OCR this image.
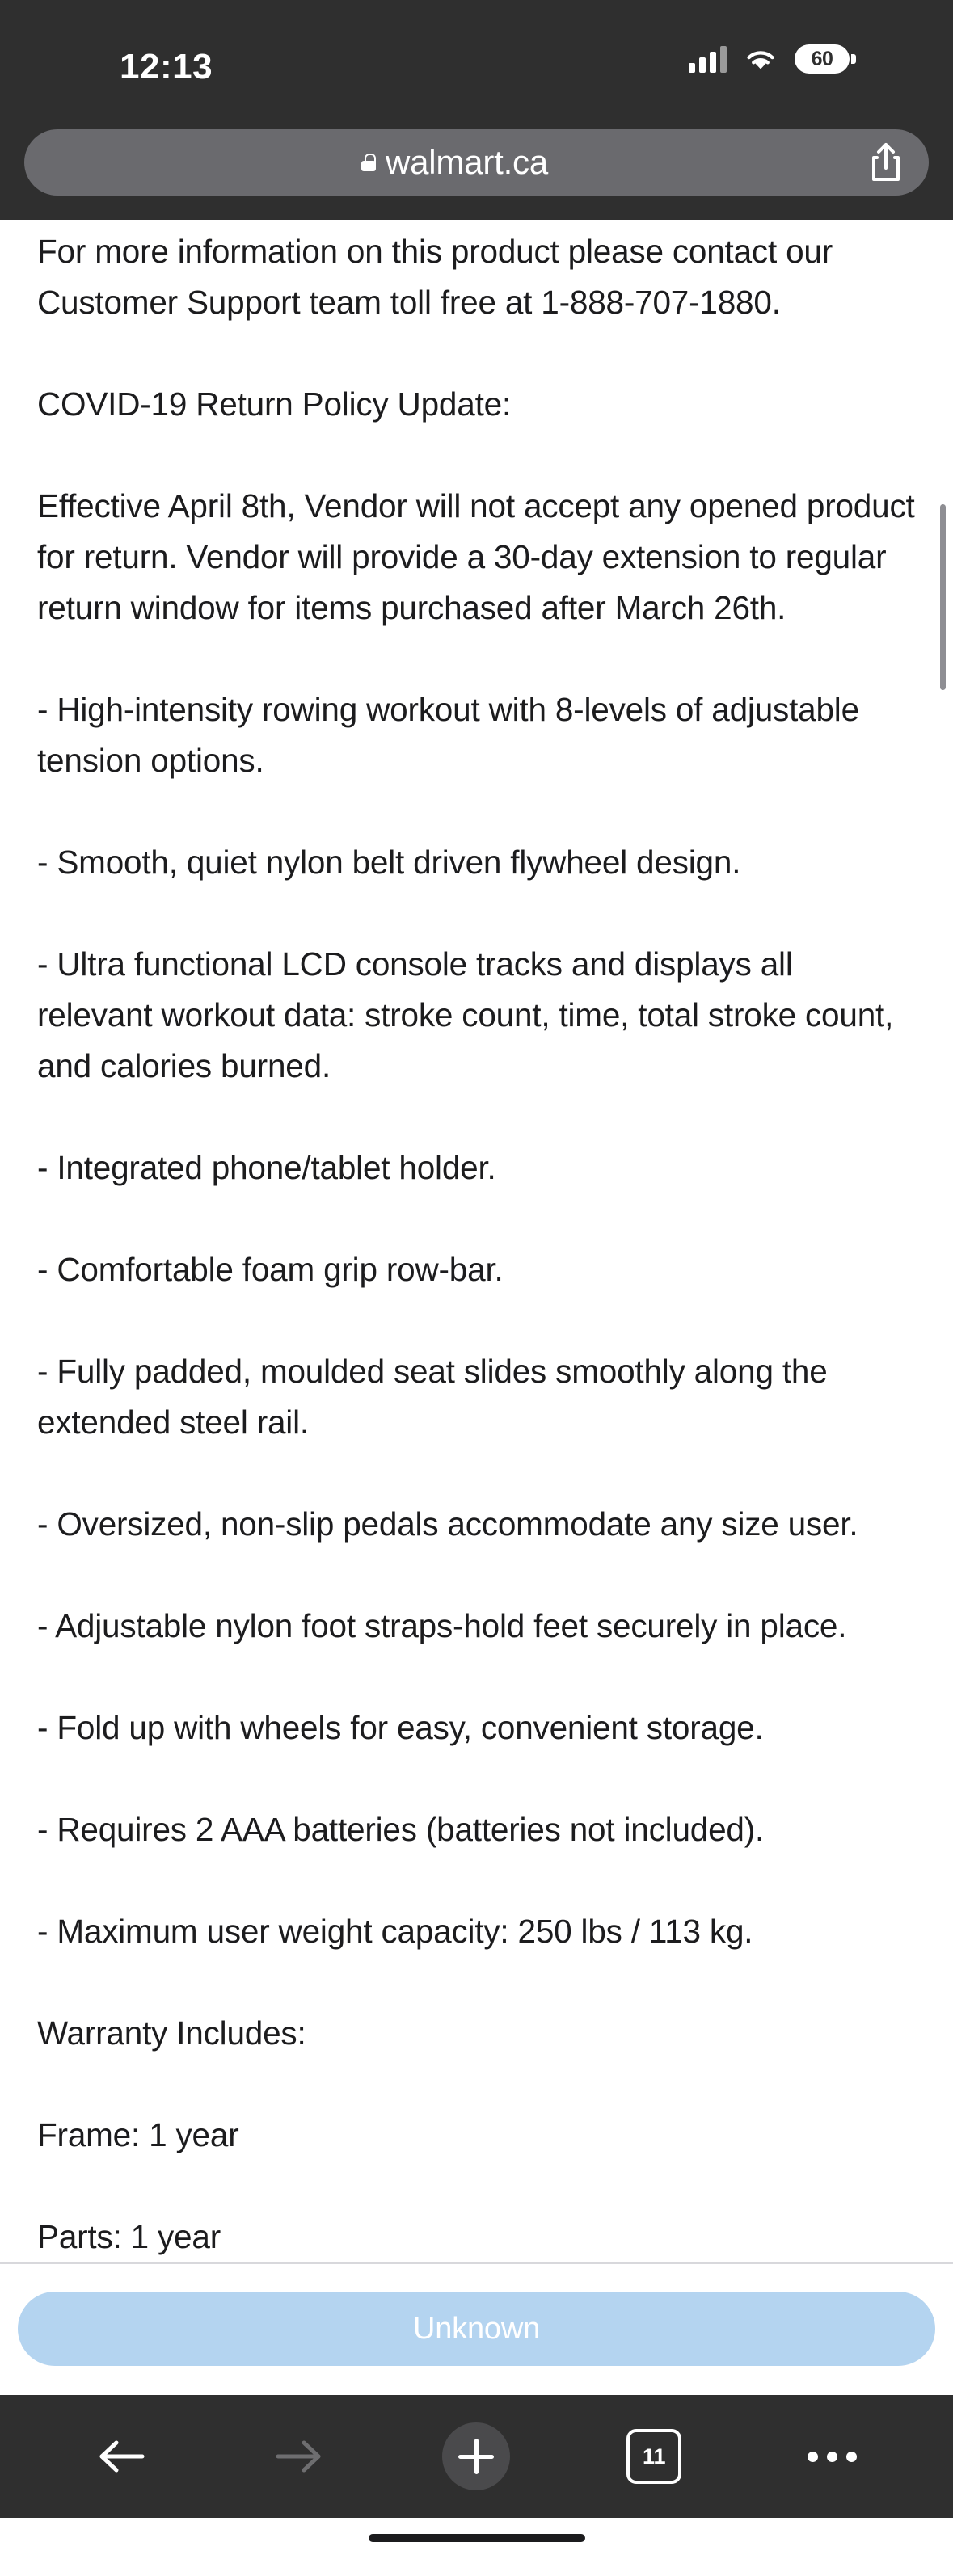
12:13	60
walmart.ca

For more information on this product please contact our Customer Support team toll free at 1-888-707-1880.

COVID-19 Return Policy Update:

Effective April 8th, Vendor will not accept any opened product for return. Vendor will provide a 30-day extension to regular return window for items purchased after March 26th.

- High-intensity rowing workout with 8-levels of adjustable tension options.

- Smooth, quiet nylon belt driven flywheel design.

- Ultra functional LCD console tracks and displays all relevant workout data: stroke count, time, total stroke count, and calories burned.

- Integrated phone/tablet holder.

- Comfortable foam grip row-bar.

- Fully padded, moulded seat slides smoothly along the extended steel rail.

- Oversized, non-slip pedals accommodate any size user.

- Adjustable nylon foot straps-hold feet securely in place.

- Fold up with wheels for easy, convenient storage.

- Requires 2 AAA batteries (batteries not included).

- Maximum user weight capacity: 250 lbs / 113 kg.

Warranty Includes:

Frame: 1 year

Parts: 1 year

Unknown
11
